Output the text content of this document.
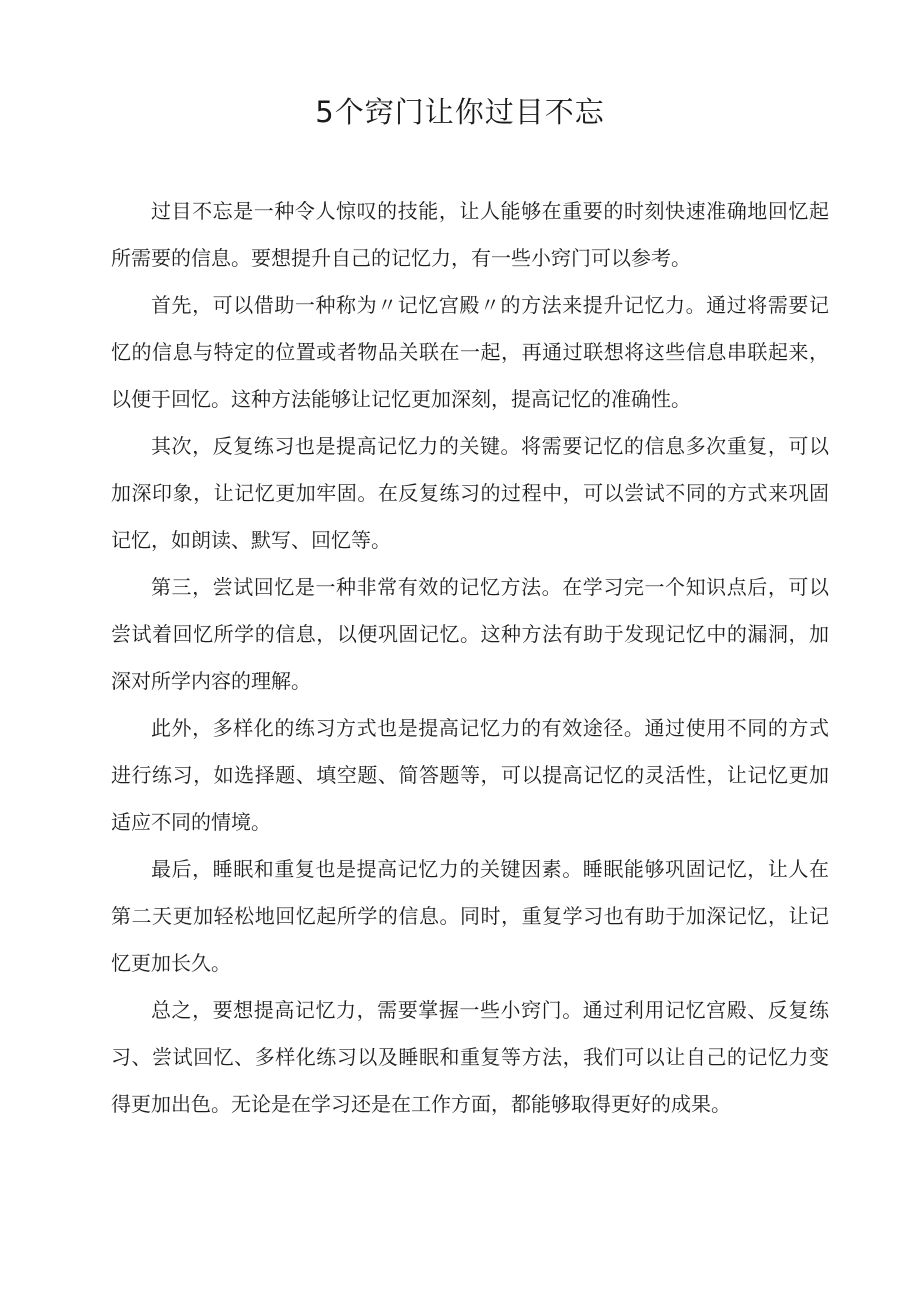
5个窍门让你过目不忘

过目不忘是一种令人惊叹的技能，让人能够在重要的时刻快速准确地回忆起所需要的信息。要想提升自己的记忆力，有一些小窍门可以参考。

首先，可以借助一种称为〃记忆宫殿〃的方法来提升记忆力。通过将需要记忆的信息与特定的位置或者物品关联在一起，再通过联想将这些信息串联起来，以便于回忆。这种方法能够让记忆更加深刻，提高记忆的准确性。

其次，反复练习也是提高记忆力的关键。将需要记忆的信息多次重复，可以加深印象，让记忆更加牢固。在反复练习的过程中，可以尝试不同的方式来巩固记忆，如朗读、默写、回忆等。

第三，尝试回忆是一种非常有效的记忆方法。在学习完一个知识点后，可以尝试着回忆所学的信息，以便巩固记忆。这种方法有助于发现记忆中的漏洞，加深对所学内容的理解。

此外，多样化的练习方式也是提高记忆力的有效途径。通过使用不同的方式进行练习，如选择题、填空题、简答题等，可以提高记忆的灵活性，让记忆更加适应不同的情境。

最后，睡眠和重复也是提高记忆力的关键因素。睡眠能够巩固记忆，让人在第二天更加轻松地回忆起所学的信息。同时，重复学习也有助于加深记忆，让记忆更加长久。

总之，要想提高记忆力，需要掌握一些小窍门。通过利用记忆宫殿、反复练习、尝试回忆、多样化练习以及睡眠和重复等方法，我们可以让自己的记忆力变得更加出色。无论是在学习还是在工作方面，都能够取得更好的成果。
